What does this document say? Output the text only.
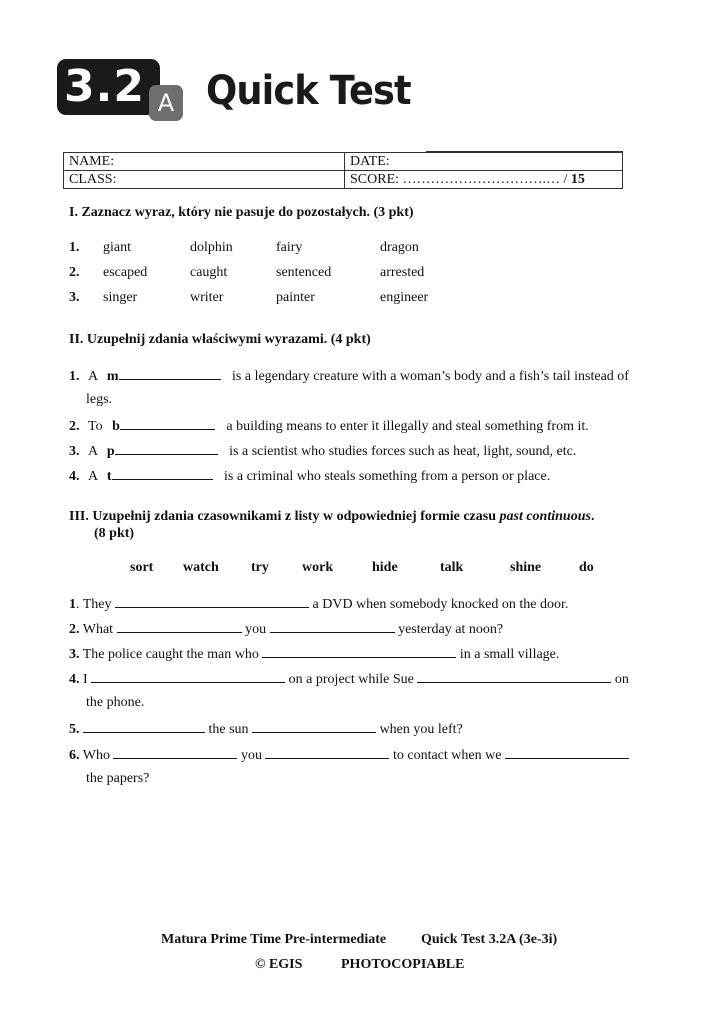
3.2 A Quick Test
NAME:	DATE:
CLASS:	SCORE: ………………………….… / 15
I. Zaznacz wyraz, który nie pasuje do pozostałych. (3 pkt)
1. giant	dolphin	fairy	dragon
2. escaped	caught	sentenced	arrested
3. singer	writer	painter	engineer
II. Uzupełnij zdania właściwymi wyrazami. (4 pkt)
1. A m	is a legendary creature with a woman’s body and a fish’s tail instead of
legs.
2. To b	a building means to enter it illegally and steal something from it.
3. A p	is a scientist who studies forces such as heat, light, sound, etc.
4. A t	is a criminal who steals something from a person or place.
III. Uzupełnij zdania czasownikami z listy w odpowiedniej formie czasu past continuous.
(8 pkt)
sort watch try work	hide	talk	shine	do
1. They	a DVD when somebody knocked on the door.
2. What	you	yesterday at noon?
3. The police caught the man who	in a small village.
4. I	on a project while Sue	on
the phone.
5.	the sun	when you left?
6. Who	you	to contact when we
the papers?
Matura Prime Time Pre-intermediate Quick Test 3.2A (3e-3i)
© EGIS	PHOTOCOPIABLE
